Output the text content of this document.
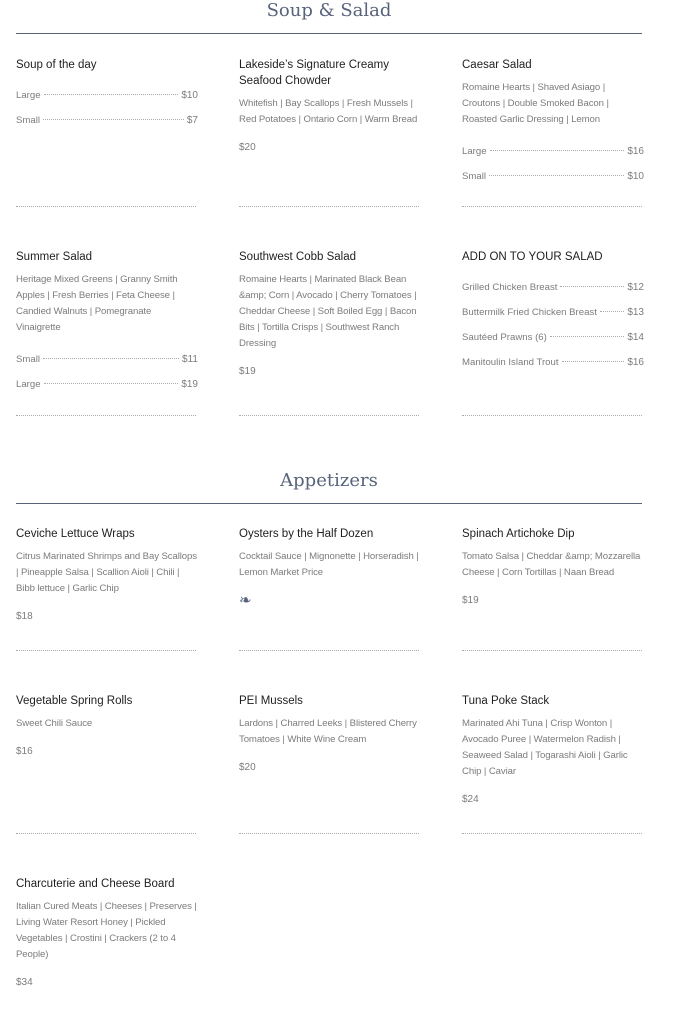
Soup & Salad
Appetizers
sirved
Soup of the day
Large	$10
Small	$7
Lakeside’s Signature Creamy Seafood Chowder
Whitefish | Bay Scallops | Fresh Mussels | Red Potatoes | Ontario Corn | Warm Bread
$20
Caesar Salad
Romaine Hearts | Shaved Asiago | Croutons | Double Smoked Bacon | Roasted Garlic Dressing | Lemon
Large	$16
Small	$10
Summer Salad
Heritage Mixed Greens | Granny Smith Apples | Fresh Berries | Feta Cheese | Candied Walnuts | Pomegranate Vinaigrette
Small	$11
Large	$19
Southwest Cobb Salad
Romaine Hearts | Marinated Black Bean &amp; Corn | Avocado | Cherry Tomatoes | Cheddar Cheese | Soft Boiled Egg | Bacon Bits | Tortilla Crisps | Southwest Ranch Dressing
$19
ADD ON TO YOUR SALAD
Grilled Chicken Breast	$12
Buttermilk Fried Chicken Breast	$13
Sautéed Prawns (6)	$14
Manitoulin Island Trout	$16
Ceviche Lettuce Wraps
Citrus Marinated Shrimps and Bay Scallops | Pineapple Salsa | Scallion Aioli | Chili | Bibb lettuce | Garlic Chip
$18
Oysters by the Half Dozen
Cocktail Sauce | Mignonette | Horseradish | Lemon Market Price
❧
Spinach Artichoke Dip
Tomato Salsa | Cheddar &amp; Mozzarella Cheese | Corn Tortillas | Naan Bread
$19
Vegetable Spring Rolls
Sweet Chili Sauce
$16
PEI Mussels
Lardons | Charred Leeks | Blistered Cherry Tomatoes | White Wine Cream
$20
Tuna Poke Stack
Marinated Ahi Tuna | Crisp Wonton | Avocado Puree | Watermelon Radish | Seaweed Salad | Togarashi Aioli | Garlic Chip | Caviar
$24
Charcuterie and Cheese Board
Italian Cured Meats | Cheeses | Preserves | Living Water Resort Honey | Pickled Vegetables | Crostini | Crackers (2 to 4 People)
$34
